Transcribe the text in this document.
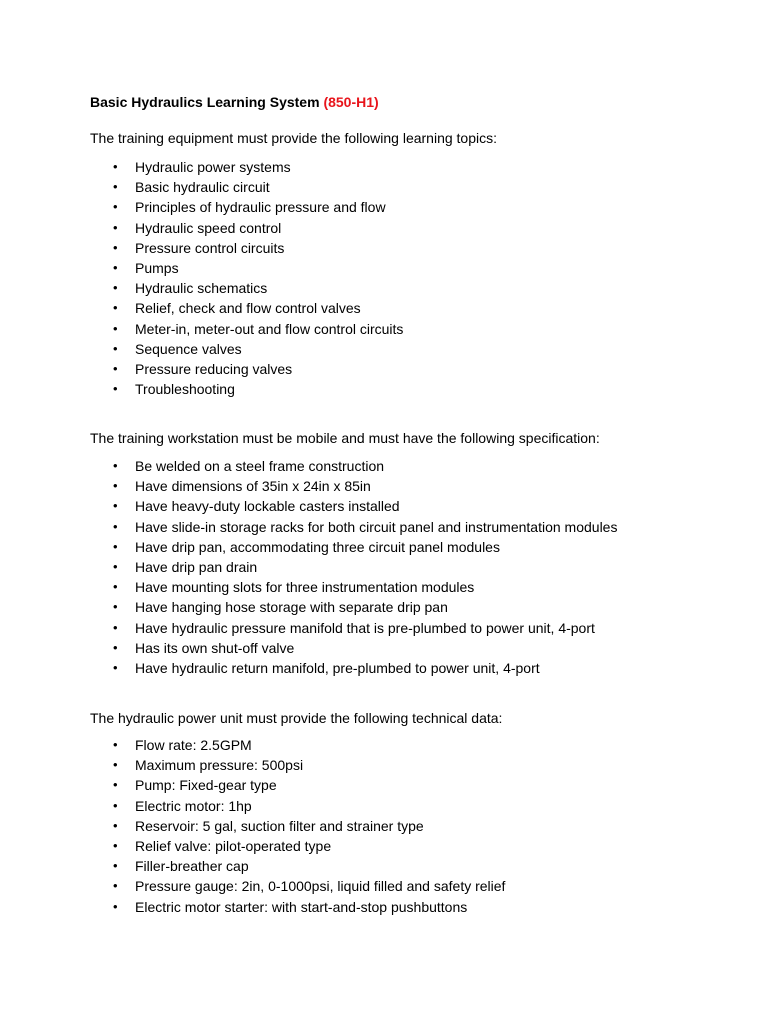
Basic Hydraulics Learning System (850-H1)
The training equipment must provide the following learning topics:
• Hydraulic power systems
• Basic hydraulic circuit
• Principles of hydraulic pressure and flow
• Hydraulic speed control
• Pressure control circuits
• Pumps
• Hydraulic schematics
• Relief, check and flow control valves
• Meter-in, meter-out and flow control circuits
• Sequence valves
• Pressure reducing valves
• Troubleshooting
The training workstation must be mobile and must have the following specification:
• Be welded on a steel frame construction
• Have dimensions of 35in x 24in x 85in
• Have heavy-duty lockable casters installed
• Have slide-in storage racks for both circuit panel and instrumentation modules
• Have drip pan, accommodating three circuit panel modules
• Have drip pan drain
• Have mounting slots for three instrumentation modules
• Have hanging hose storage with separate drip pan
• Have hydraulic pressure manifold that is pre-plumbed to power unit, 4-port
• Has its own shut-off valve
• Have hydraulic return manifold, pre-plumbed to power unit, 4-port
The hydraulic power unit must provide the following technical data:
• Flow rate: 2.5GPM
• Maximum pressure: 500psi
• Pump: Fixed-gear type
• Electric motor: 1hp
• Reservoir: 5 gal, suction filter and strainer type
• Relief valve: pilot-operated type
• Filler-breather cap
• Pressure gauge: 2in, 0-1000psi, liquid filled and safety relief
• Electric motor starter: with start-and-stop pushbuttons
